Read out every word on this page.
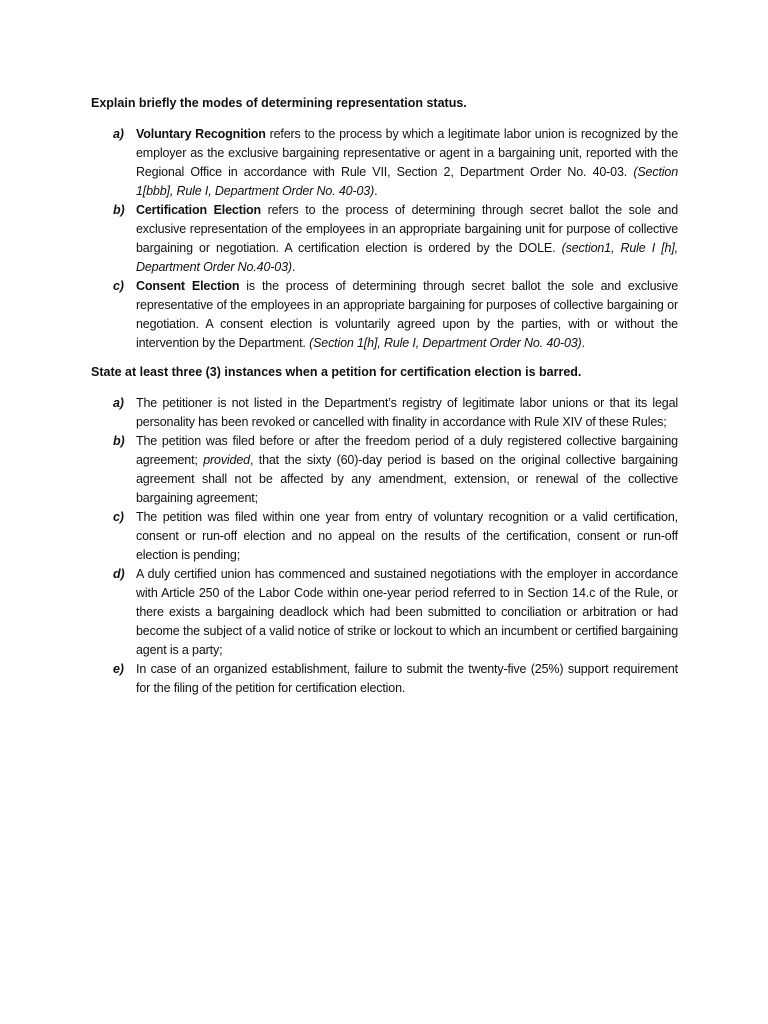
Explain briefly the modes of determining representation status.

a) Voluntary Recognition refers to the process by which a legitimate labor union is recognized by the employer as the exclusive bargaining representative or agent in a bargaining unit, reported with the Regional Office in accordance with Rule VII, Section 2, Department Order No. 40-03. (Section 1[bbb], Rule I, Department Order No. 40-03).
b) Certification Election refers to the process of determining through secret ballot the sole and exclusive representation of the employees in an appropriate bargaining unit for purpose of collective bargaining or negotiation. A certification election is ordered by the DOLE. (section1, Rule I [h], Department Order No.40-03).
c) Consent Election is the process of determining through secret ballot the sole and exclusive representative of the employees in an appropriate bargaining for purposes of collective bargaining or negotiation. A consent election is voluntarily agreed upon by the parties, with or without the intervention by the Department. (Section 1[h], Rule I, Department Order No. 40-03).

State at least three (3) instances when a petition for certification election is barred.

a) The petitioner is not listed in the Department’s registry of legitimate labor unions or that its legal personality has been revoked or cancelled with finality in accordance with Rule XIV of these Rules;
b) The petition was filed before or after the freedom period of a duly registered collective bargaining agreement; provided, that the sixty (60)-day period is based on the original collective bargaining agreement shall not be affected by any amendment, extension, or renewal of the collective bargaining agreement;
c) The petition was filed within one year from entry of voluntary recognition or a valid certification, consent or run-off election and no appeal on the results of the certification, consent or run-off election is pending;
d) A duly certified union has commenced and sustained negotiations with the employer in accordance with Article 250 of the Labor Code within one-year period referred to in Section 14.c of the Rule, or there exists a bargaining deadlock which had been submitted to conciliation or arbitration or had become the subject of a valid notice of strike or lockout to which an incumbent or certified bargaining agent is a party;
e) In case of an organized establishment, failure to submit the twenty-five (25%) support requirement for the filing of the petition for certification election.
